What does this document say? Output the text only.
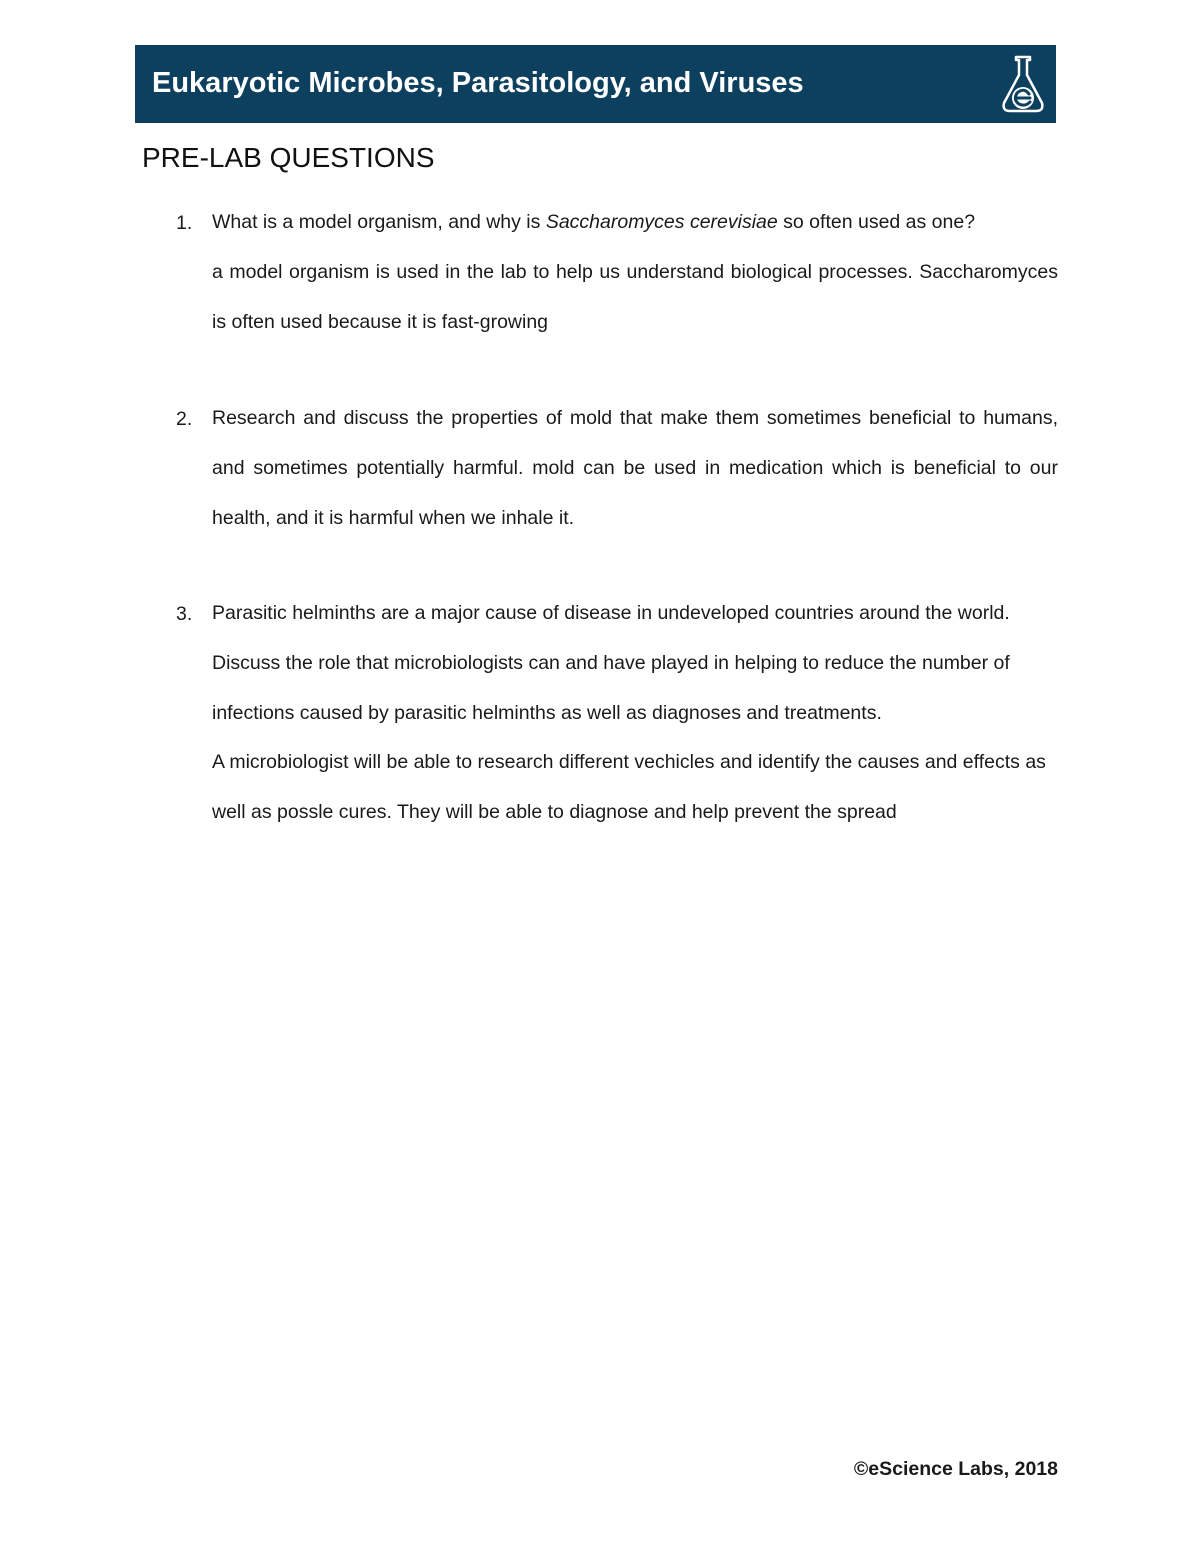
Eukaryotic Microbes, Parasitology, and Viruses
PRE-LAB QUESTIONS
1. What is a model organism, and why is Saccharomyces cerevisiae so often used as one?

a model organism is used in the lab to help us understand biological processes. Saccharomyces is often used because it is fast-growing

2. Research and discuss the properties of mold that make them sometimes beneficial to humans, and sometimes potentially harmful. mold can be used in medication which is beneficial to our health, and it is harmful when we inhale it.

3. Parasitic helminths are a major cause of disease in undeveloped countries around the world. Discuss the role that microbiologists can and have played in helping to reduce the number of infections caused by parasitic helminths as well as diagnoses and treatments.

A microbiologist will be able to research different vechicles and identify the causes and effects as well as possle cures. They will be able to diagnose and help prevent the spread

©eScience Labs, 2018
